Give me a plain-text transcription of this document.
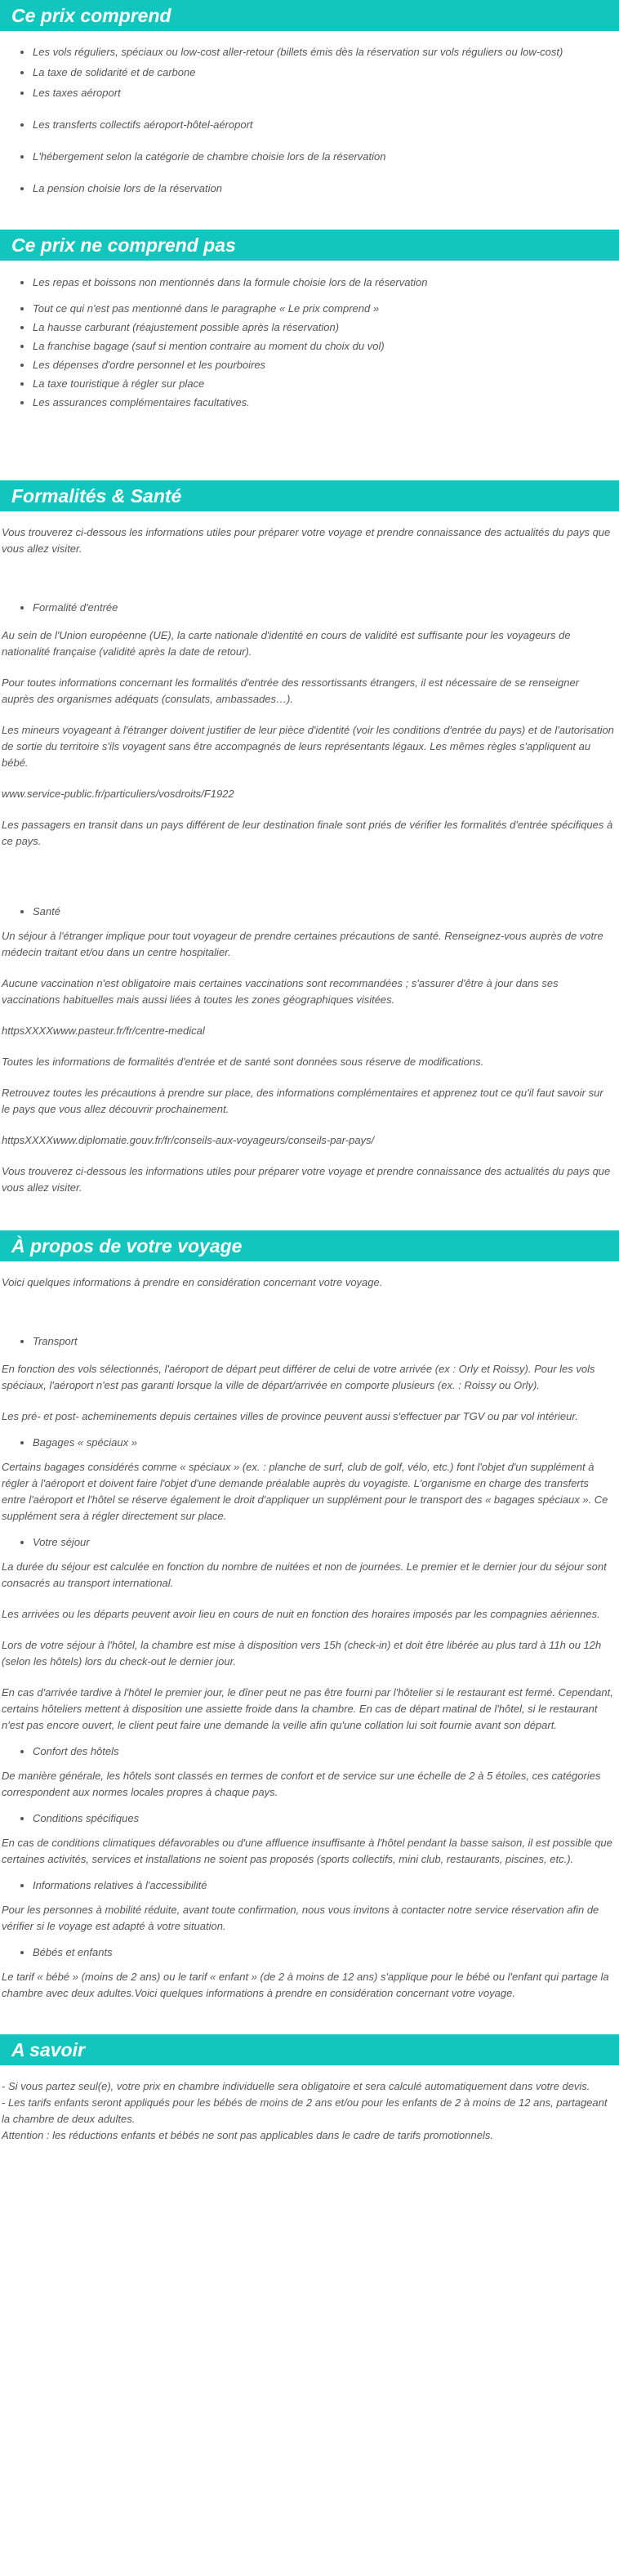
Ce prix comprend
• Les vols réguliers, spéciaux ou low-cost aller-retour (billets émis dès la réservation sur vols réguliers ou low-cost)
• La taxe de solidarité et de carbone
• Les taxes aéroport
• Les transferts collectifs aéroport-hôtel-aéroport
• L'hébergement selon la catégorie de chambre choisie lors de la réservation
• La pension choisie lors de la réservation
Ce prix ne comprend pas
• Les repas et boissons non mentionnés dans la formule choisie lors de la réservation
• Tout ce qui n'est pas mentionné dans le paragraphe « Le prix comprend »
• La hausse carburant (réajustement possible après la réservation)
• La franchise bagage (sauf si mention contraire au moment du choix du vol)
• Les dépenses d'ordre personnel et les pourboires
• La taxe touristique à régler sur place
• Les assurances complémentaires facultatives.
Formalités & Santé

Vous trouverez ci-dessous les informations utiles pour préparer votre voyage et prendre connaissance des actualités du pays que vous allez visiter.

• Formalité d'entrée

Au sein de l'Union européenne (UE), la carte nationale d'identité en cours de validité est suffisante pour les voyageurs de nationalité française (validité après la date de retour).

Pour toutes informations concernant les formalités d'entrée des ressortissants étrangers, il est nécessaire de se renseigner auprès des organismes adéquats (consulats, ambassades…).

Les mineurs voyageant à l'étranger doivent justifier de leur pièce d'identité (voir les conditions d'entrée du pays) et de l'autorisation de sortie du territoire s'ils voyagent sans être accompagnés de leurs représentants légaux. Les mêmes règles s'appliquent au bébé.

www.service-public.fr/particuliers/vosdroits/F1922

Les passagers en transit dans un pays différent de leur destination finale sont priés de vérifier les formalités d'entrée spécifiques à ce pays.

• Santé

Un séjour à l'étranger implique pour tout voyageur de prendre certaines précautions de santé. Renseignez-vous auprès de votre médecin traitant et/ou dans un centre hospitalier.

Aucune vaccination n'est obligatoire mais certaines vaccinations sont recommandées ; s'assurer d'être à jour dans ses vaccinations habituelles mais aussi liées à toutes les zones géographiques visitées.

httpsXXXXwww.pasteur.fr/fr/centre-medical

Toutes les informations de formalités d'entrée et de santé sont données sous réserve de modifications.

Retrouvez toutes les précautions à prendre sur place, des informations complémentaires et apprenez tout ce qu'il faut savoir sur le pays que vous allez découvrir prochainement.

httpsXXXXwww.diplomatie.gouv.fr/fr/conseils-aux-voyageurs/conseils-par-pays/

Vous trouverez ci-dessous les informations utiles pour préparer votre voyage et prendre connaissance des actualités du pays que vous allez visiter.

À propos de votre voyage

Voici quelques informations à prendre en considération concernant votre voyage.

• Transport

En fonction des vols sélectionnés, l'aéroport de départ peut différer de celui de votre arrivée (ex : Orly et Roissy). Pour les vols spéciaux, l'aéroport n'est pas garanti lorsque la ville de départ/arrivée en comporte plusieurs (ex. : Roissy ou Orly).

Les pré- et post- acheminements depuis certaines villes de province peuvent aussi s'effectuer par TGV ou par vol intérieur.

• Bagages « spéciaux »

Certains bagages considérés comme « spéciaux » (ex. : planche de surf, club de golf, vélo, etc.) font l'objet d'un supplément à régler à l'aéroport et doivent faire l'objet d'une demande préalable auprès du voyagiste. L'organisme en charge des transferts entre l'aéroport et l'hôtel se réserve également le droit d'appliquer un supplément pour le transport des « bagages spéciaux ». Ce supplément sera à régler directement sur place.

• Votre séjour

La durée du séjour est calculée en fonction du nombre de nuitées et non de journées. Le premier et le dernier jour du séjour sont consacrés au transport international.

Les arrivées ou les départs peuvent avoir lieu en cours de nuit en fonction des horaires imposés par les compagnies aériennes.

Lors de votre séjour à l'hôtel, la chambre est mise à disposition vers 15h (check-in) et doit être libérée au plus tard à 11h ou 12h (selon les hôtels) lors du check-out le dernier jour.

En cas d'arrivée tardive à l'hôtel le premier jour, le dîner peut ne pas être fourni par l'hôtelier si le restaurant est fermé. Cependant, certains hôteliers mettent à disposition une assiette froide dans la chambre. En cas de départ matinal de l'hôtel, si le restaurant n'est pas encore ouvert, le client peut faire une demande la veille afin qu'une collation lui soit fournie avant son départ.

• Confort des hôtels

De manière générale, les hôtels sont classés en termes de confort et de service sur une échelle de 2 à 5 étoiles, ces catégories correspondent aux normes locales propres à chaque pays.

• Conditions spécifiques

En cas de conditions climatiques défavorables ou d'une affluence insuffisante à l'hôtel pendant la basse saison, il est possible que certaines activités, services et installations ne soient pas proposés (sports collectifs, mini club, restaurants, piscines, etc.).

• Informations relatives à l'accessibilité

Pour les personnes à mobilité réduite, avant toute confirmation, nous vous invitons à contacter notre service réservation afin de vérifier si le voyage est adapté à votre situation.

• Bébés et enfants

Le tarif « bébé » (moins de 2 ans) ou le tarif « enfant » (de 2 à moins de 12 ans) s'applique pour le bébé ou l'enfant qui partage la chambre avec deux adultes.Voici quelques informations à prendre en considération concernant votre voyage.

A savoir

- Si vous partez seul(e), votre prix en chambre individuelle sera obligatoire et sera calculé automatiquement dans votre devis.

- Les tarifs enfants seront appliqués pour les bébés de moins de 2 ans et/ou pour les enfants de 2 à moins de 12 ans, partageant la chambre de deux adultes.

Attention : les réductions enfants et bébés ne sont pas applicables dans le cadre de tarifs promotionnels.
